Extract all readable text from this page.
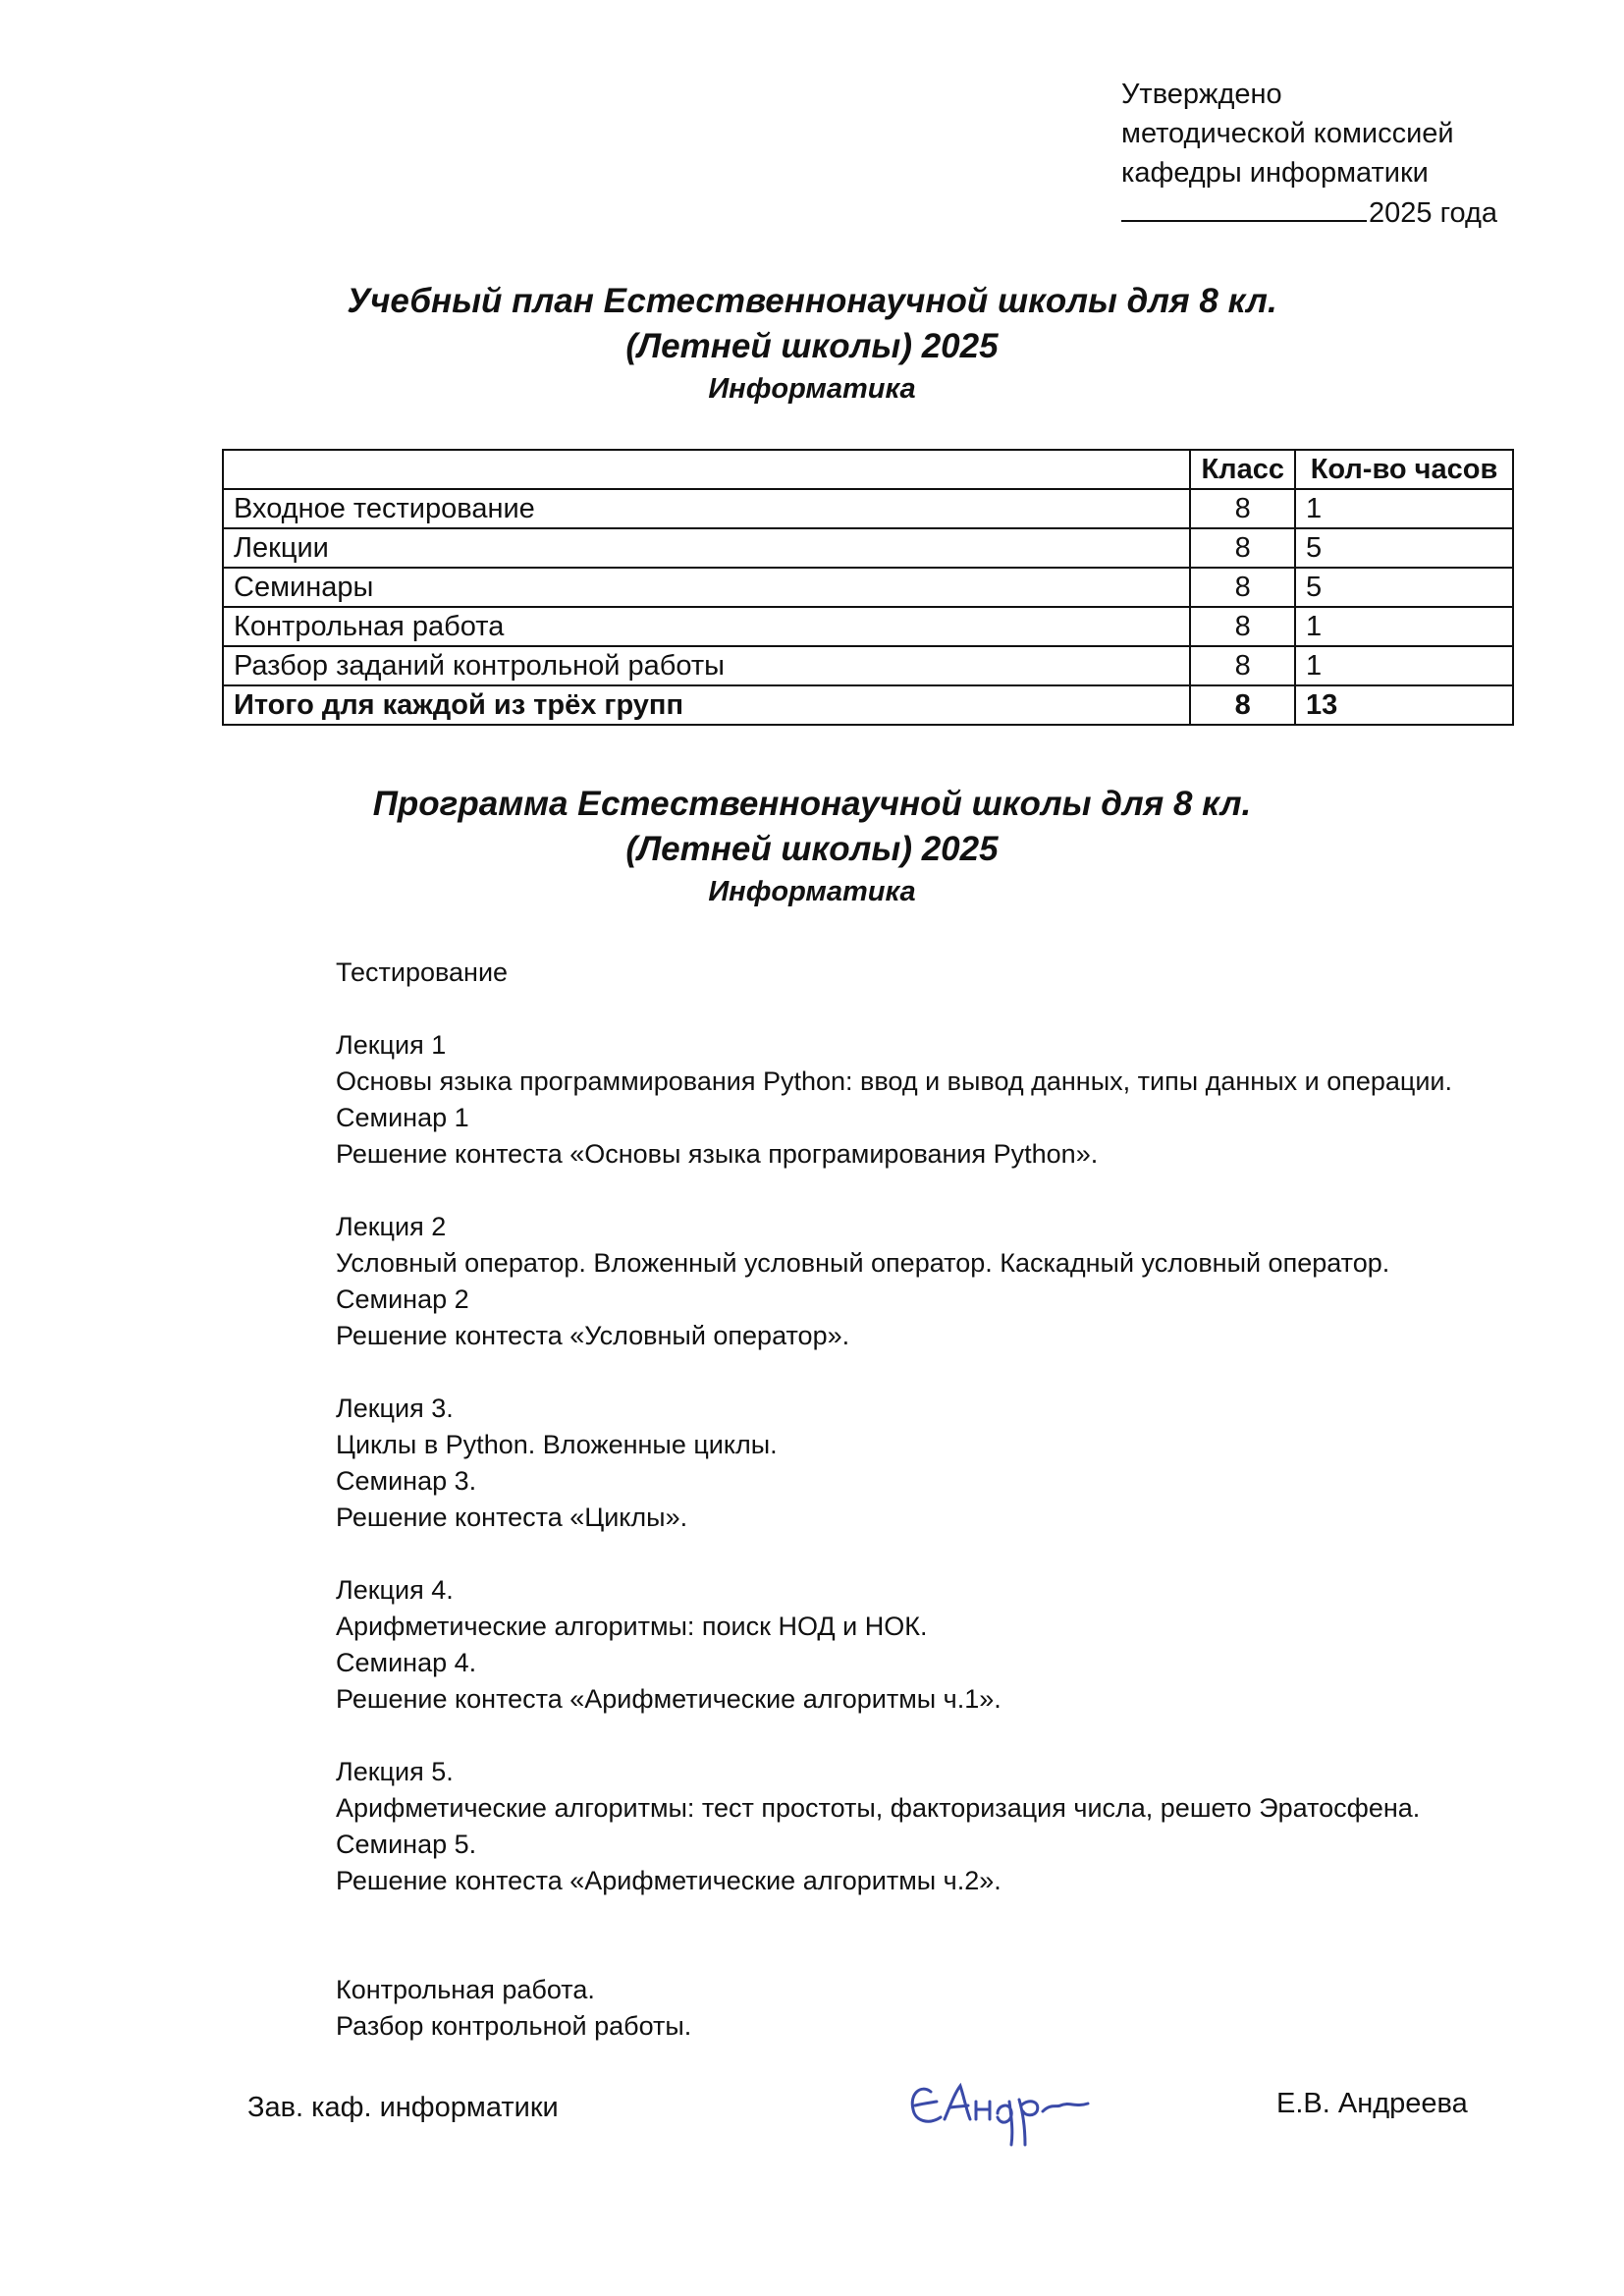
Утверждено
методической комиссией
кафедры информатики
2025 года
Учебный план Естественнонаучной школы для 8 кл.
(Летней школы) 2025
Информатика
	Класс	Кол-во часов
Входное тестирование	8	1
Лекции	8	5
Семинары	8	5
Контрольная работа	8	1
Разбор заданий контрольной работы	8	1
Итого для каждой из трёх групп	8	13
Программа Естественнонаучной школы для 8 кл.
(Летней школы) 2025
Информатика
Тестирование
Лекция 1
Основы языка программирования Python: ввод и вывод данных, типы данных и операции.
Семинар 1
Решение контеста «Основы языка програмирования Python».
Лекция 2
Условный оператор. Вложенный условный оператор. Каскадный условный оператор.
Семинар 2
Решение контеста «Условный оператор».
Лекция 3.
Циклы в Python. Вложенные циклы.
Семинар 3.
Решение контеста «Циклы».
Лекция 4.
Арифметические алгоритмы: поиск НОД и НОК.
Семинар 4.
Решение контеста «Арифметические алгоритмы ч.1».
Лекция 5.
Арифметические алгоритмы: тест простоты, факторизация числа, решето Эратосфена.
Семинар 5.
Решение контеста «Арифметические алгоритмы ч.2».
Контрольная работа.
Разбор контрольной работы.
Зав. каф. информатики	Е.В. Андреева
